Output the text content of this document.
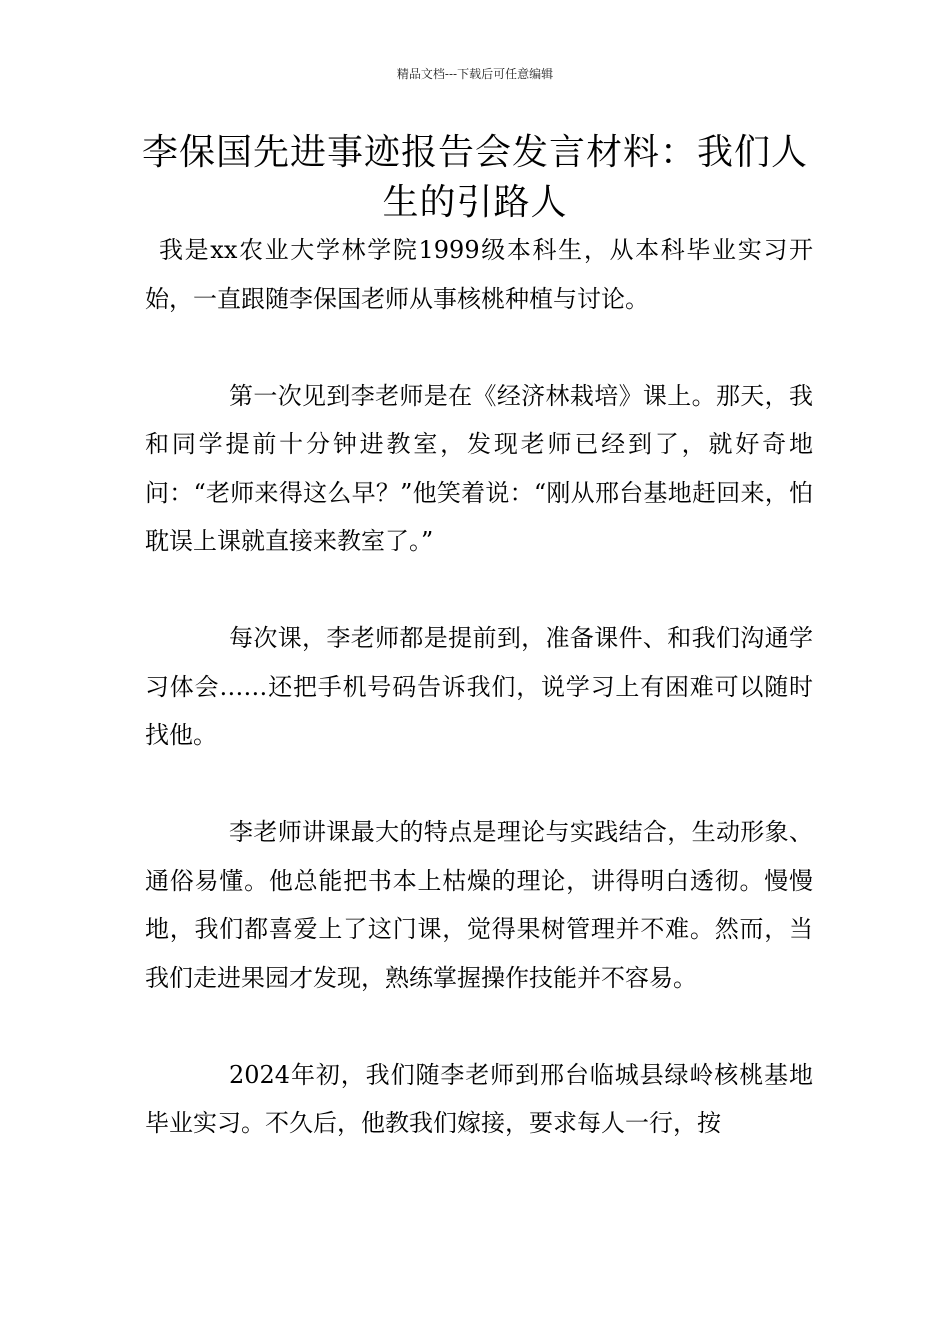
精品文档---下载后可任意编辑
李保国先进事迹报告会发言材料：我们人生的引路人

我是xx农业大学林学院1999级本科生，从本科毕业实习开始，一直跟随李保国老师从事核桃种植与讨论。

第一次见到李老师是在《经济林栽培》课上。那天，我和同学提前十分钟进教室，发现老师已经到了，就好奇地问：“老师来得这么早？”他笑着说：“刚从邢台基地赶回来，怕耽误上课就直接来教室了。”

每次课，李老师都是提前到，准备课件、和我们沟通学习体会……还把手机号码告诉我们，说学习上有困难可以随时找他。

李老师讲课最大的特点是理论与实践结合，生动形象、通俗易懂。他总能把书本上枯燥的理论，讲得明白透彻。慢慢地，我们都喜爱上了这门课，觉得果树管理并不难。然而，当我们走进果园才发现，熟练掌握操作技能并不容易。

2024年初，我们随李老师到邢台临城县绿岭核桃基地毕业实习。不久后，他教我们嫁接，要求每人一行，按
